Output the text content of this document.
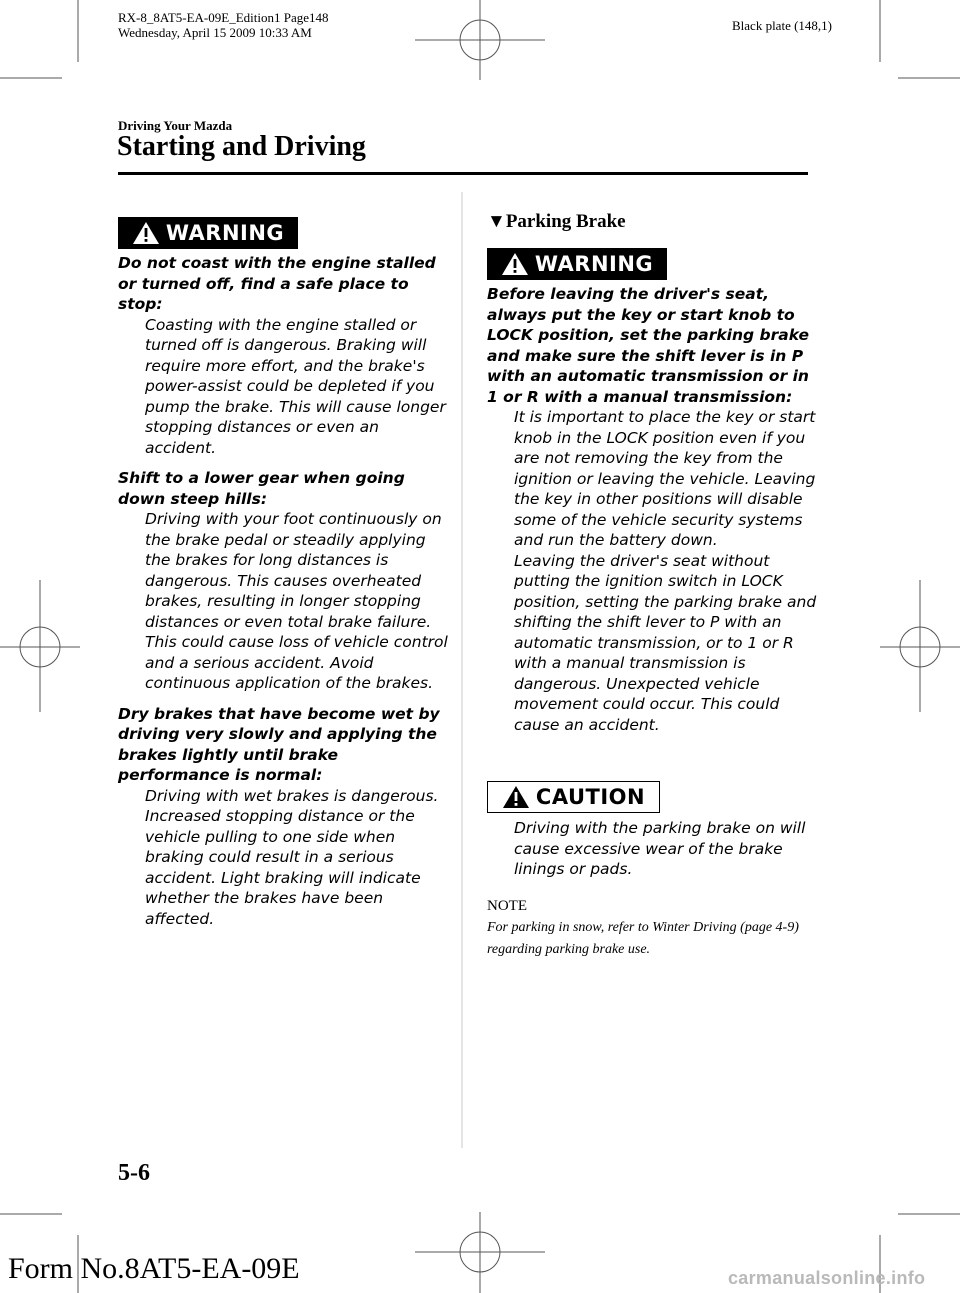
RX-8_8AT5-EA-09E_Edition1 Page148
Wednesday, April 15 2009 10:33 AM	Black plate (148,1)
Driving Your Mazda
Starting and Driving
WARNING

Do not coast with the engine stalled or turned off, find a safe place to stop:

Coasting with the engine stalled or turned off is dangerous. Braking will require more effort, and the brake's power-assist could be depleted if you pump the brake. This will cause longer stopping distances or even an accident.

Shift to a lower gear when going down steep hills:

Driving with your foot continuously on the brake pedal or steadily applying the brakes for long distances is dangerous. This causes overheated brakes, resulting in longer stopping distances or even total brake failure. This could cause loss of vehicle control and a serious accident. Avoid continuous application of the brakes.

Dry brakes that have become wet by driving very slowly and applying the brakes lightly until brake performance is normal:

Driving with wet brakes is dangerous. Increased stopping distance or the vehicle pulling to one side when braking could result in a serious accident. Light braking will indicate whether the brakes have been affected.

▼Parking Brake
WARNING

Before leaving the driver's seat, always put the key or start knob to LOCK position, set the parking brake and make sure the shift lever is in P with an automatic transmission or in 1 or R with a manual transmission:

It is important to place the key or start knob in the LOCK position even if you are not removing the key from the ignition or leaving the vehicle. Leaving the key in other positions will disable some of the vehicle security systems and run the battery down.

Leaving the driver's seat without putting the ignition switch in LOCK position, setting the parking brake and shifting the shift lever to P with an automatic transmission, or to 1 or R with a manual transmission is dangerous. Unexpected vehicle movement could occur. This could cause an accident.

CAUTION

Driving with the parking brake on will cause excessive wear of the brake linings or pads.

NOTE
For parking in snow, refer to Winter Driving (page 4-9) regarding parking brake use.
5-6
Form No.8AT5-EA-09E	carmanualsonline.info
